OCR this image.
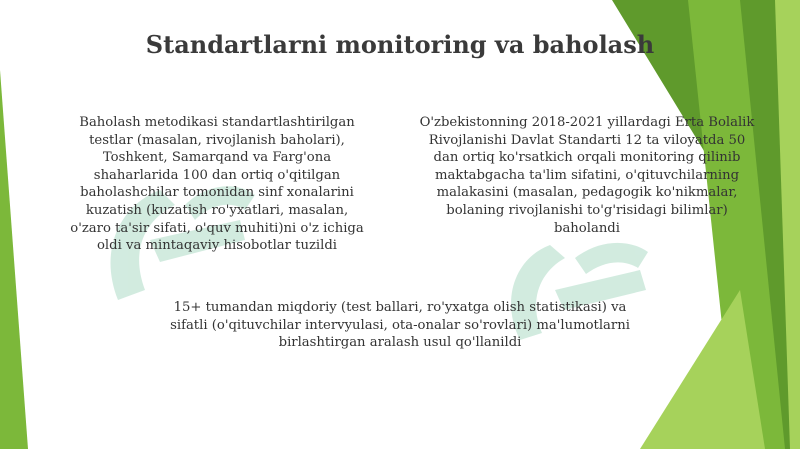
Standartlarni monitoring va baholash
Baholash metodikasi standartlashtirilgan
testlar (masalan, rivojlanish baholari),
Toshkent, Samarqand va Farg'ona
shaharlarida 100 dan ortiq o'qitilgan
baholashchilar tomonidan sinf xonalarini
kuzatish (kuzatish ro'yxatlari, masalan,
o'zaro ta'sir sifati, o'quv muhiti)ni o'z ichiga
oldi va mintaqaviy hisobotlar tuzildi
O'zbekistonning 2018-2021 yillardagi Erta Bolalik
Rivojlanishi Davlat Standarti 12 ta viloyatda 50
dan ortiq ko'rsatkich orqali monitoring qilinib
maktabgacha ta'lim sifatini, o'qituvchilarning
malakasini (masalan, pedagogik ko'nikmalar,
bolaning rivojlanishi to'g'risidagi bilimlar)
baholandi
15+ tumandan miqdoriy (test ballari, ro'yxatga olish statistikasi) va
sifatli (o'qituvchilar intervyulasi, ota-onalar so'rovlari) ma'lumotlarni
birlashtirgan aralash usul qo'llanildi
